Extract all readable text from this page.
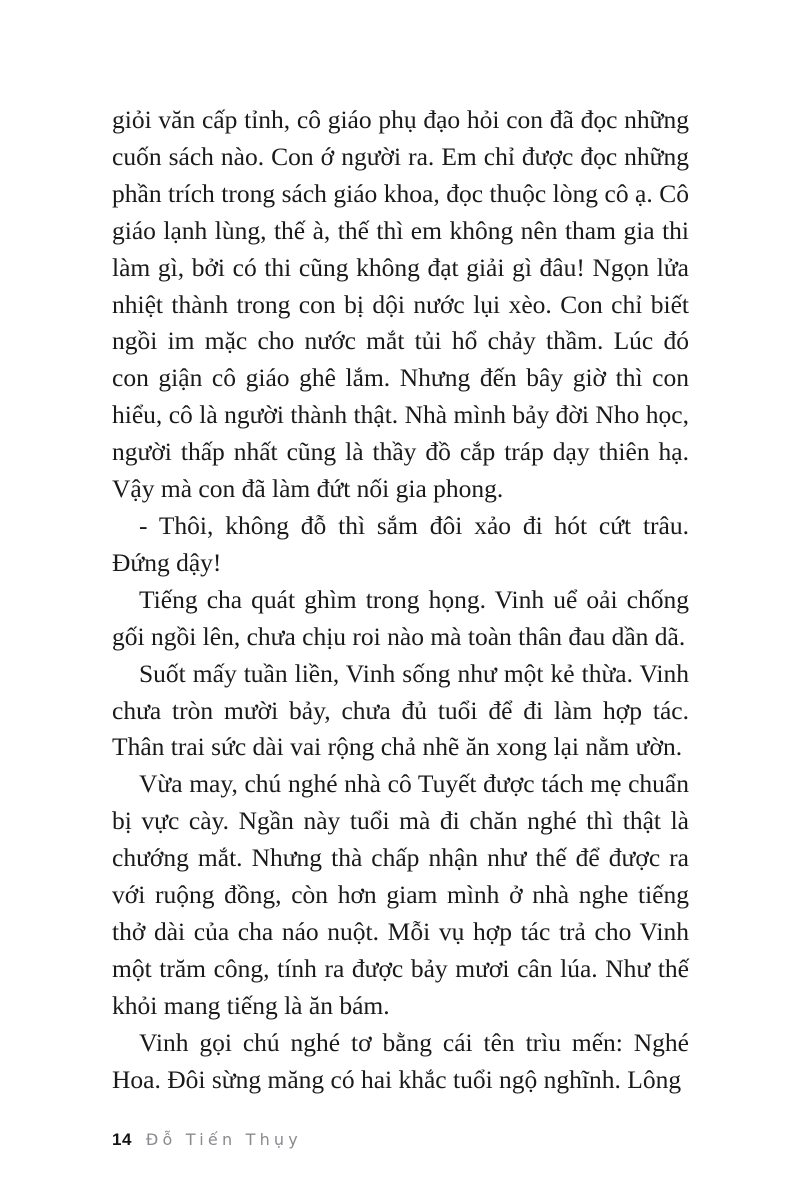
giỏi văn cấp tỉnh, cô giáo phụ đạo hỏi con đã đọc những cuốn sách nào. Con ớ người ra. Em chỉ được đọc những phần trích trong sách giáo khoa, đọc thuộc lòng cô ạ. Cô giáo lạnh lùng, thế à, thế thì em không nên tham gia thi làm gì, bởi có thi cũng không đạt giải gì đâu! Ngọn lửa nhiệt thành trong con bị dội nước lụi xèo. Con chỉ biết ngồi im mặc cho nước mắt tủi hổ chảy thầm. Lúc đó con giận cô giáo ghê lắm. Nhưng đến bây giờ thì con hiểu, cô là người thành thật. Nhà mình bảy đời Nho học, người thấp nhất cũng là thầy đồ cắp tráp dạy thiên hạ. Vậy mà con đã làm đứt nối gia phong.

- Thôi, không đỗ thì sắm đôi xảo đi hót cứt trâu. Đứng dậy!

Tiếng cha quát ghìm trong họng. Vinh uể oải chống gối ngồi lên, chưa chịu roi nào mà toàn thân đau dần dã.

Suốt mấy tuần liền, Vinh sống như một kẻ thừa. Vinh chưa tròn mười bảy, chưa đủ tuổi để đi làm hợp tác. Thân trai sức dài vai rộng chả nhẽ ăn xong lại nằm ườn.

Vừa may, chú nghé nhà cô Tuyết được tách mẹ chuẩn bị vực cày. Ngần này tuổi mà đi chăn nghé thì thật là chướng mắt. Nhưng thà chấp nhận như thế để được ra với ruộng đồng, còn hơn giam mình ở nhà nghe tiếng thở dài của cha náo nuột. Mỗi vụ hợp tác trả cho Vinh một trăm công, tính ra được bảy mươi cân lúa. Như thế khỏi mang tiếng là ăn bám.

Vinh gọi chú nghé tơ bằng cái tên trìu mến: Nghé Hoa. Đôi sừng măng có hai khắc tuổi ngộ nghĩnh. Lông

14 Đỗ Tiến Thụy
